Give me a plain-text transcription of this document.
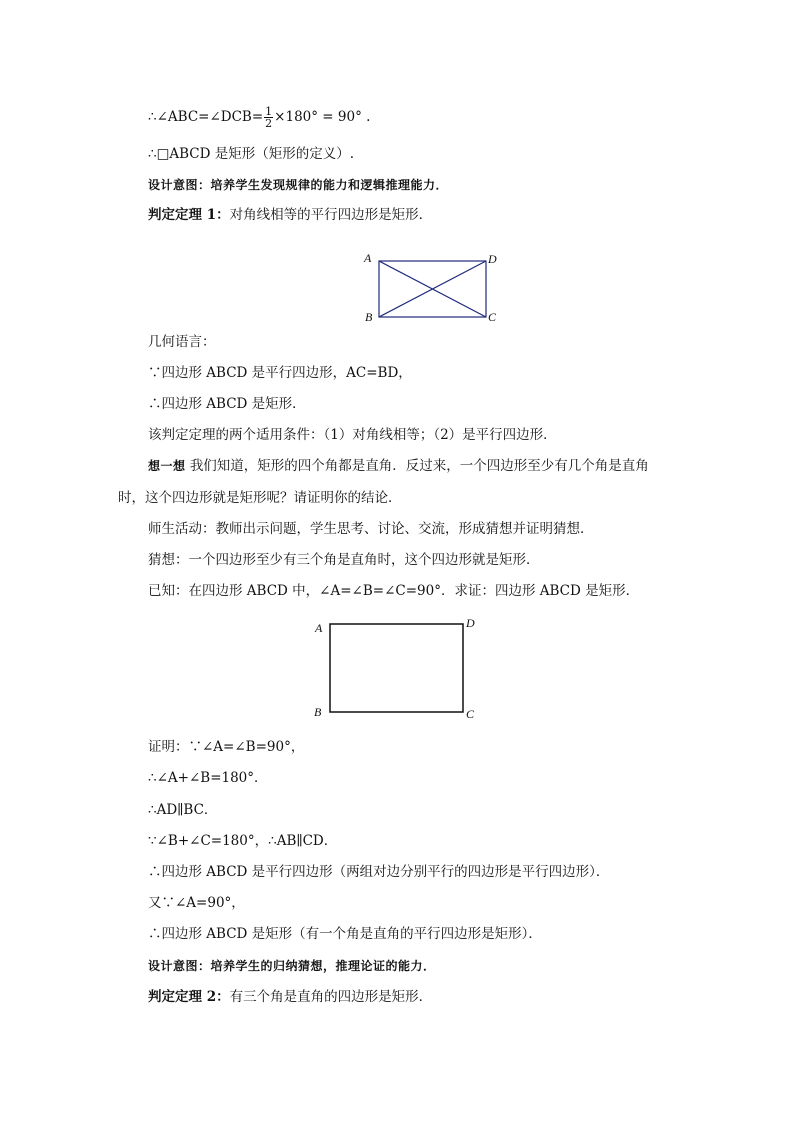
∴∠ABC=∠DCB= $\frac{1}{2} \times 180^\circ = 90^\circ$ .
∴□ABCD 是矩形（矩形的定义）.
设计意图：培养学生发现规律的能力和逻辑推理能力．
判定定理 1：对角线相等的平行四边形是矩形．
A	D
B	C
几何语言：
∵四边形 ABCD 是平行四边形，AC=BD，
∴四边形 ABCD 是矩形．
该判定定理的两个适用条件：（1）对角线相等；（2）是平行四边形．
想一想 我们知道，矩形的四个角都是直角．反过来，一个四边形至少有几个角是直角
时，这个四边形就是矩形呢？请证明你的结论．
师生活动：教师出示问题，学生思考、讨论、交流，形成猜想并证明猜想．
猜想：一个四边形至少有三个角是直角时，这个四边形就是矩形．
已知：在四边形 ABCD 中，∠A=∠B=∠C=90°．求证：四边形 ABCD 是矩形．
A	D
B	C
证明：∵∠A=∠B=90°，
∴∠A+∠B=180°．
∴AD∥BC．
∵∠B+∠C=180°，∴AB∥CD．
∴四边形 ABCD 是平行四边形（两组对边分别平行的四边形是平行四边形）．
又∵∠A=90°，
∴四边形 ABCD 是矩形（有一个角是直角的平行四边形是矩形）．
设计意图：培养学生的归纳猜想，推理论证的能力．
判定定理 2：有三个角是直角的四边形是矩形．
